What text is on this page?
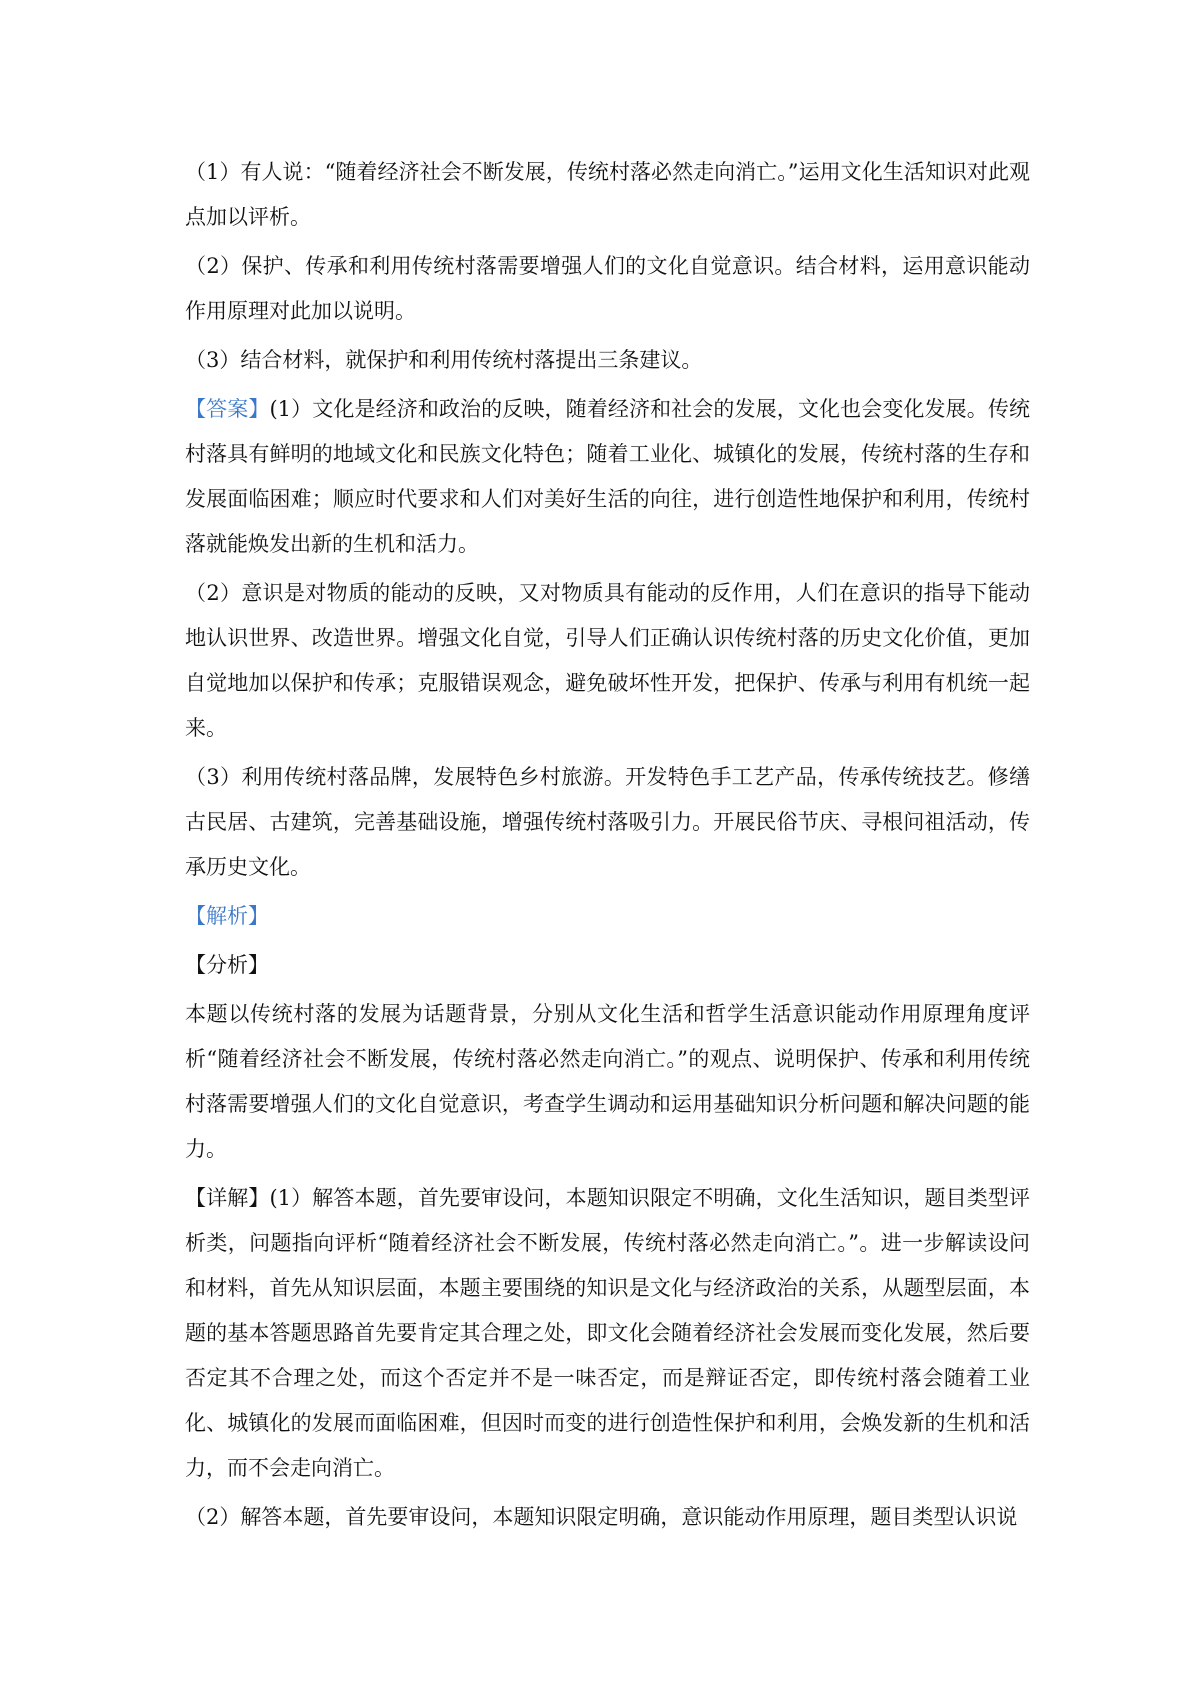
（1）有人说：“随着经济社会不断发展，传统村落必然走向消亡。”运用文化生活知识对此观点加以评析。

（2）保护、传承和利用传统村落需要增强人们的文化自觉意识。结合材料，运用意识能动作用原理对此加以说明。

（3）结合材料，就保护和利用传统村落提出三条建议。

【答案】(1）文化是经济和政治的反映，随着经济和社会的发展，文化也会变化发展。传统村落具有鲜明的地域文化和民族文化特色；随着工业化、城镇化的发展，传统村落的生存和发展面临困难；顺应时代要求和人们对美好生活的向往，进行创造性地保护和利用，传统村落就能焕发出新的生机和活力。

（2）意识是对物质的能动的反映，又对物质具有能动的反作用，人们在意识的指导下能动地认识世界、改造世界。增强文化自觉，引导人们正确认识传统村落的历史文化价值，更加自觉地加以保护和传承；克服错误观念，避免破坏性开发，把保护、传承与利用有机统一起来。

（3）利用传统村落品牌，发展特色乡村旅游。开发特色手工艺产品，传承传统技艺。修缮古民居、古建筑，完善基础设施，增强传统村落吸引力。开展民俗节庆、寻根问祖活动，传承历史文化。

【解析】

【分析】

本题以传统村落的发展为话题背景，分别从文化生活和哲学生活意识能动作用原理角度评析“随着经济社会不断发展，传统村落必然走向消亡。”的观点、说明保护、传承和利用传统村落需要增强人们的文化自觉意识，考查学生调动和运用基础知识分析问题和解决问题的能力。

【详解】(1）解答本题，首先要审设问，本题知识限定不明确，文化生活知识，题目类型评析类，问题指向评析“随着经济社会不断发展，传统村落必然走向消亡。”。进一步解读设问和材料，首先从知识层面，本题主要围绕的知识是文化与经济政治的关系，从题型层面，本题的基本答题思路首先要肯定其合理之处，即文化会随着经济社会发展而变化发展，然后要否定其不合理之处，而这个否定并不是一味否定，而是辩证否定，即传统村落会随着工业化、城镇化的发展而面临困难，但因时而变的进行创造性保护和利用，会焕发新的生机和活力，而不会走向消亡。

（2）解答本题，首先要审设问，本题知识限定明确，意识能动作用原理，题目类型认识说
